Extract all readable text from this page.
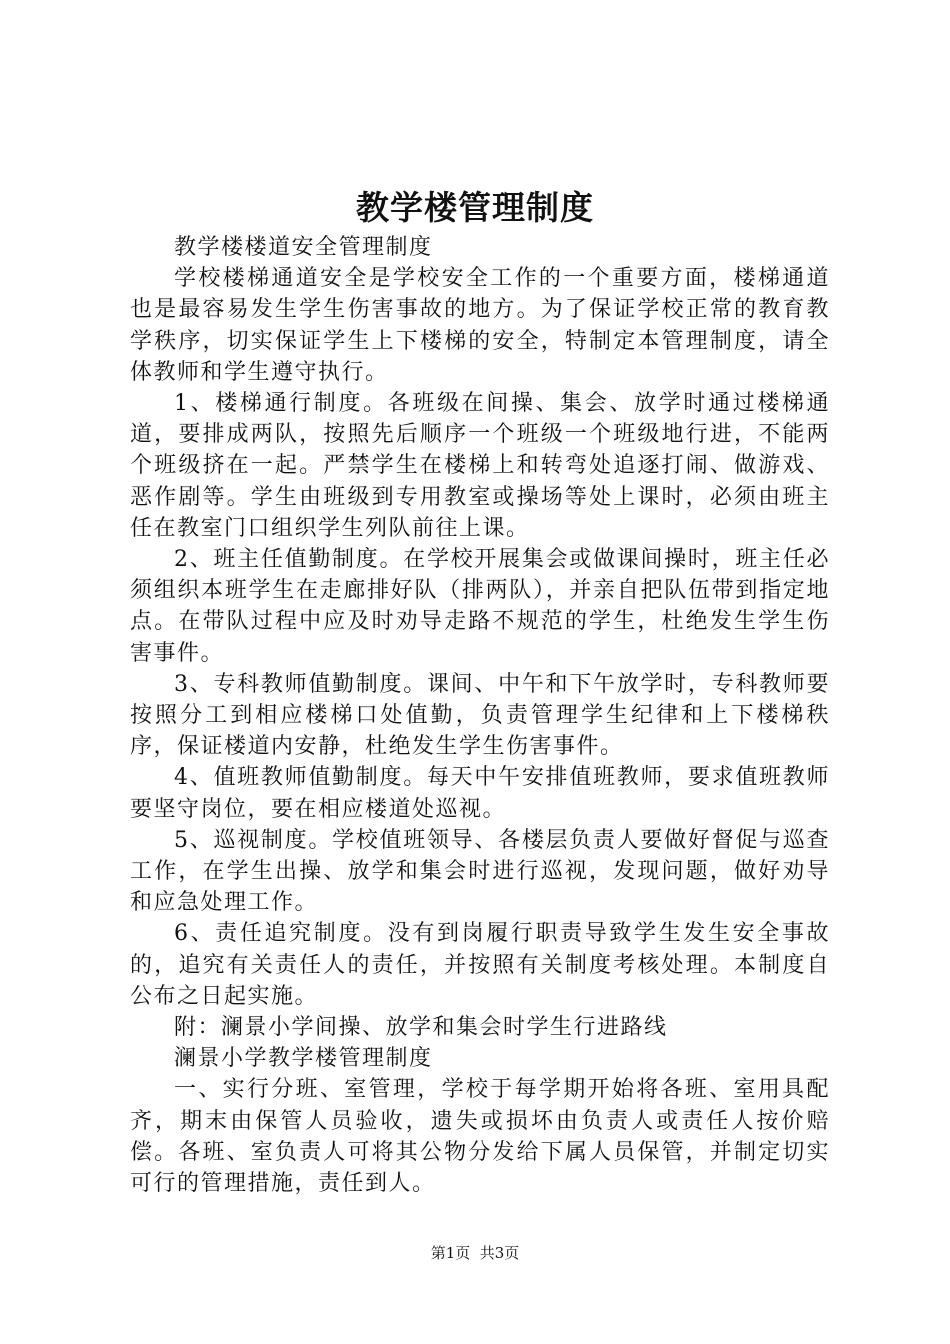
教学楼管理制度

教学楼楼道安全管理制度

学校楼梯通道安全是学校安全工作的一个重要方面，楼梯通道也是最容易发生学生伤害事故的地方。为了保证学校正常的教育教学秩序，切实保证学生上下楼梯的安全，特制定本管理制度，请全体教师和学生遵守执行。

1、楼梯通行制度。各班级在间操、集会、放学时通过楼梯通道，要排成两队，按照先后顺序一个班级一个班级地行进，不能两个班级挤在一起。严禁学生在楼梯上和转弯处追逐打闹、做游戏、恶作剧等。学生由班级到专用教室或操场等处上课时，必须由班主任在教室门口组织学生列队前往上课。

2、班主任值勤制度。在学校开展集会或做课间操时，班主任必须组织本班学生在走廊排好队（排两队），并亲自把队伍带到指定地点。在带队过程中应及时劝导走路不规范的学生，杜绝发生学生伤害事件。

3、专科教师值勤制度。课间、中午和下午放学时，专科教师要按照分工到相应楼梯口处值勤，负责管理学生纪律和上下楼梯秩序，保证楼道内安静，杜绝发生学生伤害事件。

4、值班教师值勤制度。每天中午安排值班教师，要求值班教师要坚守岗位，要在相应楼道处巡视。

5、巡视制度。学校值班领导、各楼层负责人要做好督促与巡查工作，在学生出操、放学和集会时进行巡视，发现问题，做好劝导和应急处理工作。

6、责任追究制度。没有到岗履行职责导致学生发生安全事故的，追究有关责任人的责任，并按照有关制度考核处理。本制度自公布之日起实施。

附：澜景小学间操、放学和集会时学生行进路线

澜景小学教学楼管理制度

一、实行分班、室管理，学校于每学期开始将各班、室用具配齐，期末由保管人员验收，遗失或损坏由负责人或责任人按价赔偿。各班、室负责人可将其公物分发给下属人员保管，并制定切实可行的管理措施，责任到人。

第1页  共3页
